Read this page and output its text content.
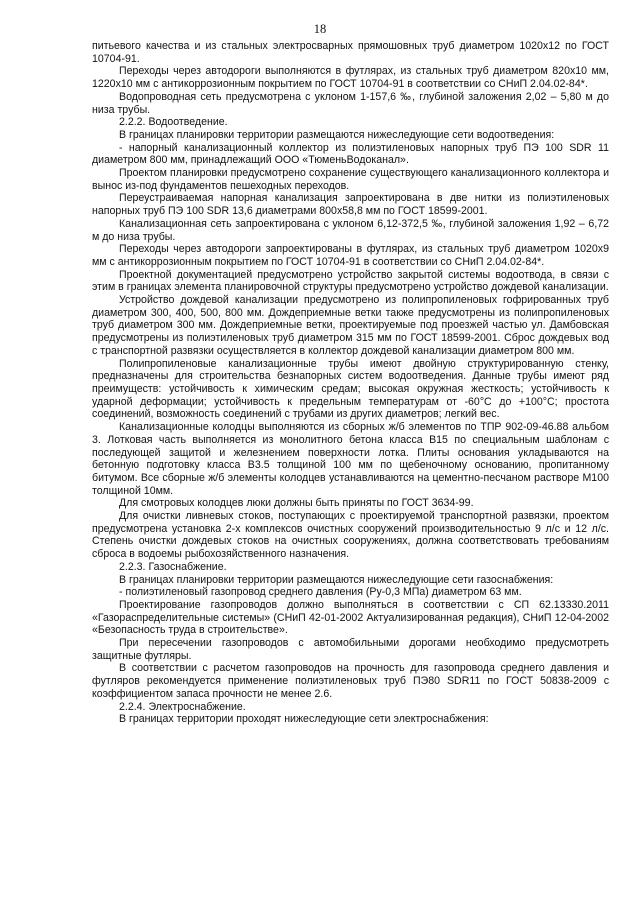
18

питьевого качества и из стальных электросварных прямошовных труб диаметром 1020х12 по ГОСТ 10704-91.

Переходы через автодороги выполняются в футлярах, из стальных труб диаметром 820х10 мм, 1220х10 мм с антикоррозионным покрытием по ГОСТ 10704-91 в соответствии со СНиП 2.04.02-84*.

Водопроводная сеть предусмотрена с уклоном 1-157,6 ‰, глубиной заложения 2,02 – 5,80 м до низа трубы.

2.2.2. Водоотведение.

В границах планировки территории размещаются нижеследующие сети водоотведения:

- напорный канализационный коллектор из полиэтиленовых напорных труб ПЭ 100 SDR 11 диаметром 800 мм, принадлежащий ООО «ТюменьВодоканал».

Проектом планировки предусмотрено сохранение существующего канализационного коллектора и вынос из-под фундаментов пешеходных переходов.

Переустраиваемая напорная канализация запроектирована в две нитки из полиэтиленовых напорных труб ПЭ 100 SDR 13,6 диаметрами 800х58,8 мм по ГОСТ 18599-2001.

Канализационная сеть запроектирована с уклоном 6,12-372,5 ‰, глубиной заложения 1,92 – 6,72 м до низа трубы.

Переходы через автодороги запроектированы в футлярах, из стальных труб диаметром 1020х9 мм с антикоррозионным покрытием по ГОСТ 10704-91 в соответствии со СНиП 2.04.02-84*.

Проектной документацией предусмотрено устройство закрытой системы водоотвода, в связи с этим в границах элемента планировочной структуры предусмотрено устройство дождевой канализации.

Устройство дождевой канализации предусмотрено из полипропиленовых гофрированных труб диаметром 300, 400, 500, 800 мм. Дождеприемные ветки также предусмотрены из полипропиленовых труб диаметром 300 мм. Дождеприемные ветки, проектируемые под проезжей частью ул. Дамбовская предусмотрены из полиэтиленовых труб диаметром 315 мм по ГОСТ 18599-2001. Сброс дождевых вод с транспортной развязки осуществляется в коллектор дождевой канализации диаметром 800 мм.

Полипропиленовые канализационные трубы имеют двойную структурированную стенку, предназначены для строительства безнапорных систем водоотведения. Данные трубы имеют ряд преимуществ: устойчивость к химическим средам; высокая окружная жесткость; устойчивость к ударной деформации; устойчивость к предельным температурам от -60°С до +100°С; простота соединений, возможность соединений с трубами из других диаметров; легкий вес.

Канализационные колодцы выполняются из сборных ж/б элементов по ТПР 902-09-46.88 альбом 3. Лотковая часть выполняется из монолитного бетона класса В15 по специальным шаблонам с последующей защитой и железнением поверхности лотка. Плиты основания укладываются на бетонную подготовку класса В3.5 толщиной 100 мм по щебеночному основанию, пропитанному битумом. Все сборные ж/б элементы колодцев устанавливаются на цементно-песчаном растворе М100 толщиной 10мм.

Для смотровых колодцев люки должны быть приняты по ГОСТ 3634-99.

Для очистки ливневых стоков, поступающих с проектируемой транспортной развязки, проектом предусмотрена установка 2-х комплексов очистных сооружений производительностью 9 л/с и 12 л/с. Степень очистки дождевых стоков на очистных сооружениях, должна соответствовать требованиям сброса в водоемы рыбохозяйственного назначения.

2.2.3. Газоснабжение.

В границах планировки территории размещаются нижеследующие сети газоснабжения:

- полиэтиленовый газопровод среднего давления (Ру-0,3 МПа) диаметром 63 мм.

Проектирование газопроводов должно выполняться в соответствии с СП 62.13330.2011 «Газораспределительные системы» (СНиП 42-01-2002 Актуализированная редакция), СНиП 12-04-2002 «Безопасность труда в строительстве».

При пересечении газопроводов с автомобильными дорогами необходимо предусмотреть защитные футляры.

В соответствии с расчетом газопроводов на прочность для газопровода среднего давления и футляров рекомендуется применение полиэтиленовых труб ПЭ80 SDR11 по ГОСТ 50838-2009 с коэффициентом запаса прочности не менее 2.6.

2.2.4. Электроснабжение.

В границах территории проходят нижеследующие сети электроснабжения:
